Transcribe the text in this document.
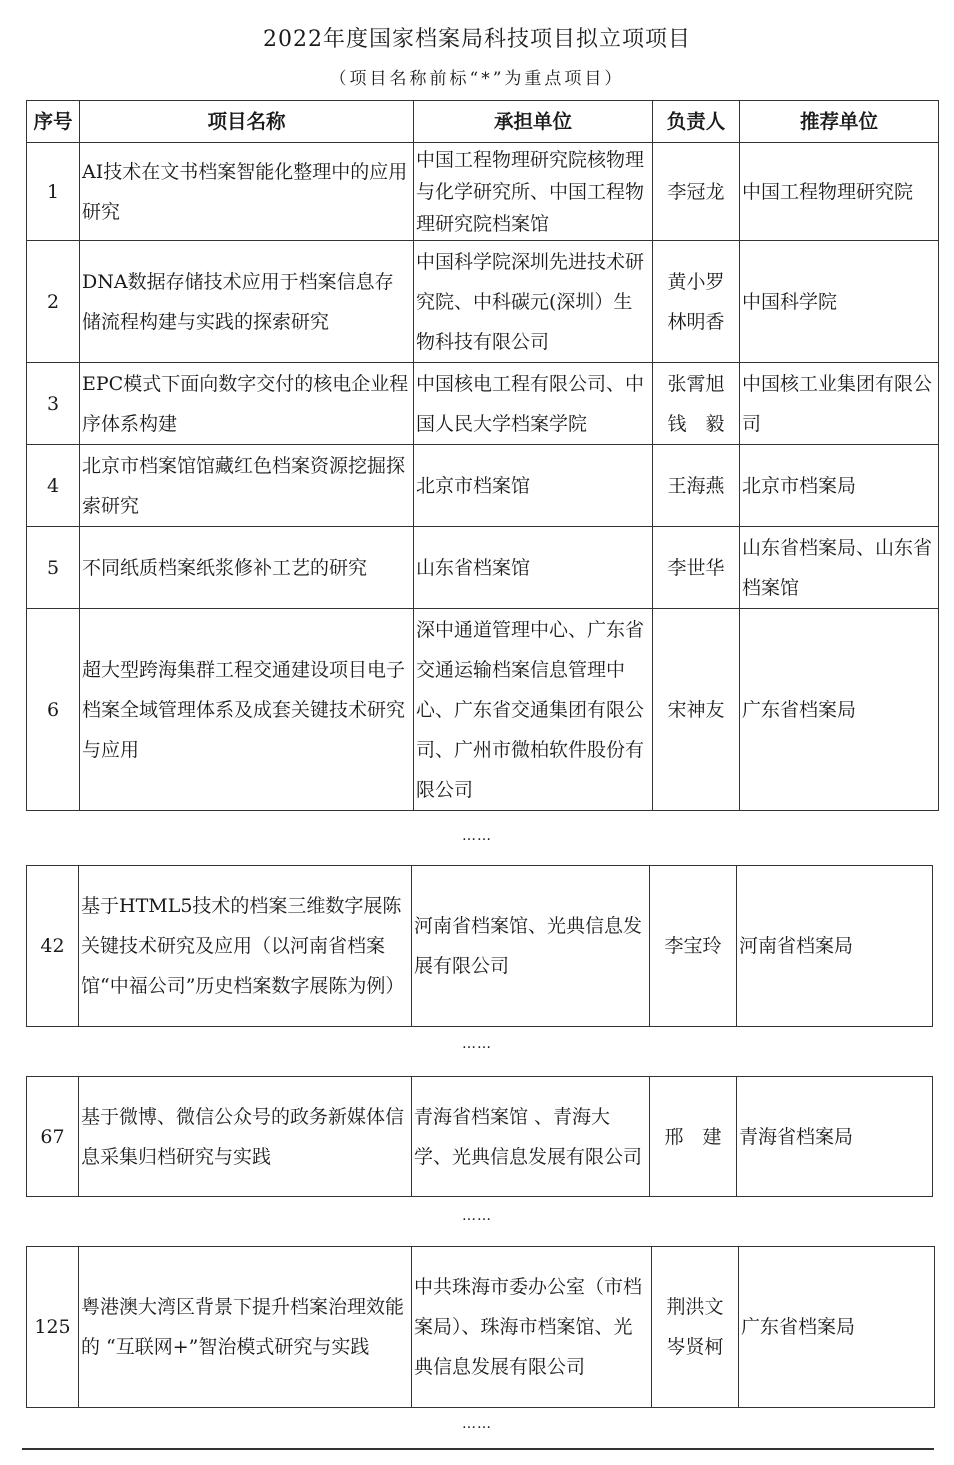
2022年度国家档案局科技项目拟立项项目
（项目名称前标“*”为重点项目）
序号	项目名称	承担单位	负责人	推荐单位
1	AI技术在文书档案智能化整理中的应用研究	中国工程物理研究院核物理与化学研究所、中国工程物理研究院档案馆	李冠龙	中国工程物理研究院
2	DNA数据存储技术应用于档案信息存储流程构建与实践的探索研究	中国科学院深圳先进技术研究院、中科碳元(深圳）生物科技有限公司	黄小罗 林明香	中国科学院
3	EPC模式下面向数字交付的核电企业程序体系构建	中国核电工程有限公司、中国人民大学档案学院	张霄旭 钱　毅	中国核工业集团有限公司
4	北京市档案馆馆藏红色档案资源挖掘探索研究	北京市档案馆	王海燕	北京市档案局
5	不同纸质档案纸浆修补工艺的研究	山东省档案馆	李世华	山东省档案局、山东省档案馆
6	超大型跨海集群工程交通建设项目电子档案全域管理体系及成套关键技术研究与应用	深中通道管理中心、广东省交通运输档案信息管理中心、广东省交通集团有限公司、广州市微柏软件股份有限公司	宋神友	广东省档案局
……
42	基于HTML5技术的档案三维数字展陈关键技术研究及应用（以河南省档案馆“中福公司”历史档案数字展陈为例）	河南省档案馆、光典信息发展有限公司	李宝玲	河南省档案局
……
67	基于微博、微信公众号的政务新媒体信息采集归档研究与实践	青海省档案馆 、青海大学、光典信息发展有限公司	邢　建	青海省档案局
……
125	粤港澳大湾区背景下提升档案治理效能的 “互联网+”智治模式研究与实践	中共珠海市委办公室（市档案局）、珠海市档案馆、光典信息发展有限公司	荆洪文 岑贤柯	广东省档案局
……
